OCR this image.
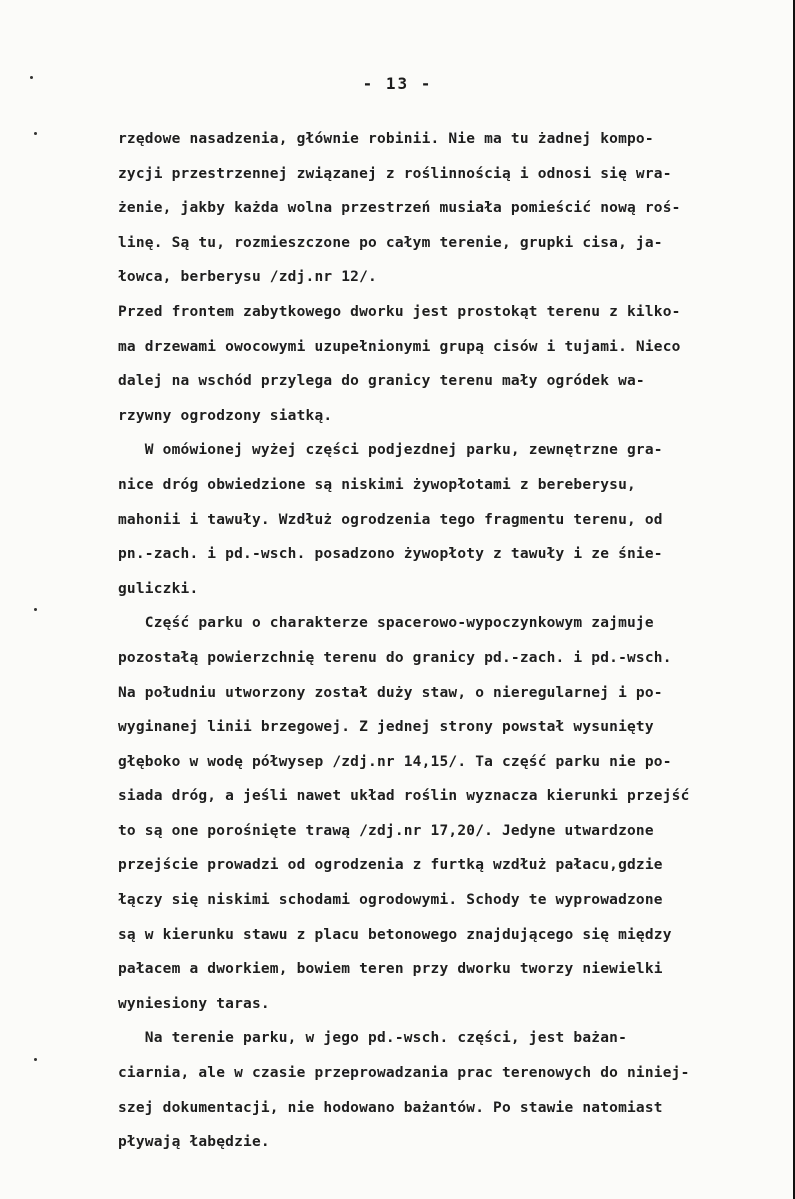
- 13 -
rzędowe nasadzenia, głównie robinii. Nie ma tu żadnej kompo-
zycji przestrzennej związanej z roślinnością i odnosi się wra-
żenie, jakby każda wolna przestrzeń musiała pomieścić nową roś-
linę. Są tu, rozmieszczone po całym terenie, grupki cisa, ja-
łowca, berberysu /zdj.nr 12/.
Przed frontem zabytkowego dworku jest prostokąt terenu z kilko-
ma drzewami owocowymi uzupełnionymi grupą cisów i tujami. Nieco
dalej na wschód przylega do granicy terenu mały ogródek wa-
rzywny ogrodzony siatką.
W omówionej wyżej części podjezdnej parku, zewnętrzne gra-
nice dróg obwiedzione są niskimi żywopłotami z bereberysu,
mahonii i tawuły. Wzdłuż ogrodzenia tego fragmentu terenu, od
pn.-zach. i pd.-wsch. posadzono żywopłoty z tawuły i ze śnie-
guliczki.
Część parku o charakterze spacerowo-wypoczynkowym zajmuje
pozostałą powierzchnię terenu do granicy pd.-zach. i pd.-wsch.
Na południu utworzony został duży staw, o nieregularnej i po-
wyginanej linii brzegowej. Z jednej strony powstał wysunięty
głęboko w wodę półwysep /zdj.nr 14,15/. Ta część parku nie po-
siada dróg, a jeśli nawet układ roślin wyznacza kierunki przejść
to są one porośnięte trawą /zdj.nr 17,20/. Jedyne utwardzone
przejście prowadzi od ogrodzenia z furtką wzdłuż pałacu,gdzie
łączy się niskimi schodami ogrodowymi. Schody te wyprowadzone
są w kierunku stawu z placu betonowego znajdującego się między
pałacem a dworkiem, bowiem teren przy dworku tworzy niewielki
wyniesiony taras.
Na terenie parku, w jego pd.-wsch. części, jest bażan-
ciarnia, ale w czasie przeprowadzania prac terenowych do niniej-
szej dokumentacji, nie hodowano bażantów. Po stawie natomiast
pływają łabędzie.
